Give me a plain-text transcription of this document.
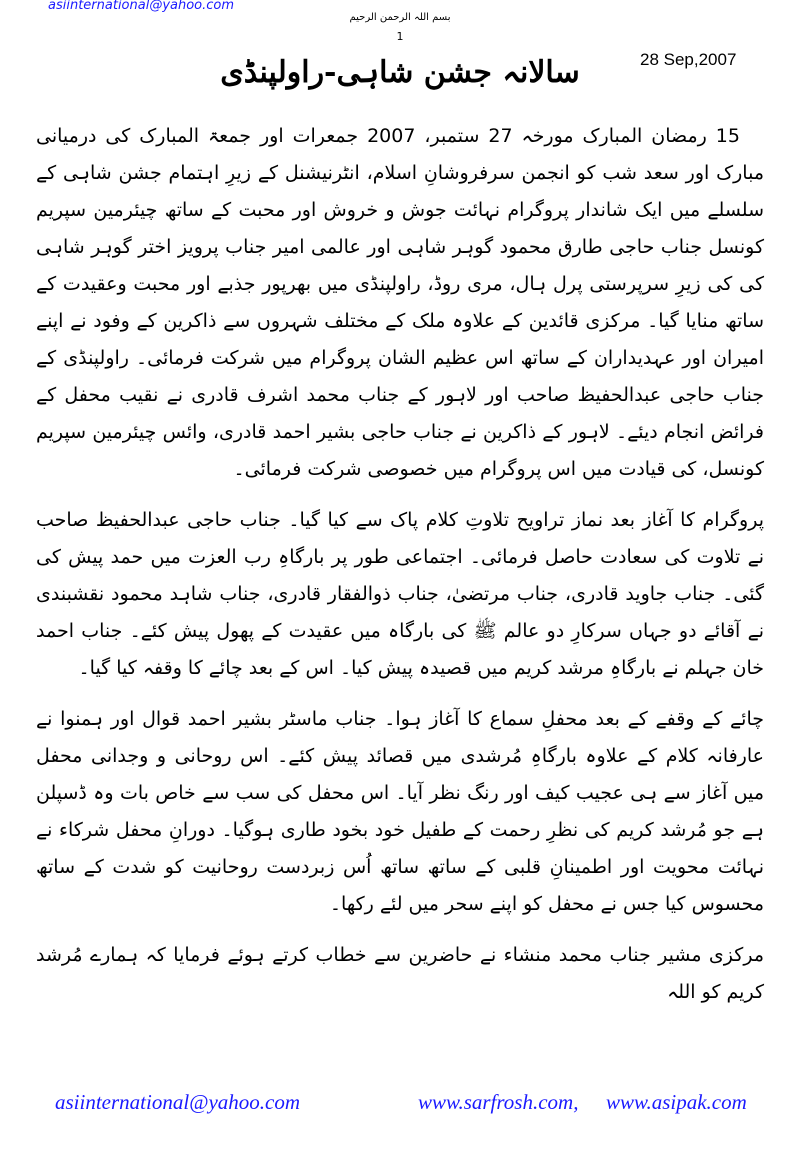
asiinternational@yahoo.com
بسم اللہ الرحمن الرحیم
1
28 Sep,2007
سالانہ جشن شاہی-راولپنڈی

15 رمضان المبارک مورخہ 27 ستمبر، 2007 جمعرات اور جمعۃ المبارک کی درمیانی مبارک اور سعد شب کو انجمن سرفروشانِ اسلام، انٹرنیشنل کے زیرِ اہتمام جشن شاہی کے سلسلے میں ایک شاندار پروگرام نہائت جوش و خروش اور محبت کے ساتھ چیئرمین سپریم کونسل جناب حاجی طارق محمود گوہر شاہی اور عالمی امیر جناب پرویز اختر گوہر شاہی کی کی زیرِ سرپرستی پرل ہال، مری روڈ، راولپنڈی میں بھرپور جذبے اور محبت وعقیدت کے ساتھ منایا گیا۔ مرکزی قائدین کے علاوہ ملک کے مختلف شہروں سے ذاکرین کے وفود نے اپنے امیران اور عہدیداران کے ساتھ اس عظیم الشان پروگرام میں شرکت فرمائی۔ راولپنڈی کے جناب حاجی عبدالحفیظ صاحب اور لاہور کے جناب محمد اشرف قادری نے نقیب محفل کے فرائض انجام دیئے۔ لاہور کے ذاکرین نے جناب حاجی بشیر احمد قادری، وائس چیئرمین سپریم کونسل، کی قیادت میں اس پروگرام میں خصوصی شرکت فرمائی۔

پروگرام کا آغاز بعد نماز تراویح تلاوتِ کلام پاک سے کیا گیا۔ جناب حاجی عبدالحفیظ صاحب نے تلاوت کی سعادت حاصل فرمائی۔ اجتماعی طور پر بارگاہِ رب العزت میں حمد پیش کی گئی۔ جناب جاوید قادری، جناب مرتضیٰ، جناب ذوالفقار قادری، جناب شاہد محمود نقشبندی نے آقائے دو جہاں سرکارِ دو عالم ﷺ کی بارگاہ میں عقیدت کے پھول پیش کئے۔ جناب احمد خان جہلم نے بارگاہِ مرشد کریم میں قصیدہ پیش کیا۔ اس کے بعد چائے کا وقفہ کیا گیا۔

چائے کے وقفے کے بعد محفلِ سماع کا آغاز ہوا۔ جناب ماسٹر بشیر احمد قوال اور ہمنوا نے عارفانہ کلام کے علاوہ بارگاہِ مُرشدی میں قصائد پیش کئے۔ اس روحانی و وجدانی محفل میں آغاز سے ہی عجیب کیف اور رنگ نظر آیا۔ اس محفل کی سب سے خاص بات وہ ڈسپلن ہے جو مُرشد کریم کی نظرِ رحمت کے طفیل خود بخود طاری ہوگیا۔ دورانِ محفل شرکاء نے نہائت محویت اور اطمینانِ قلبی کے ساتھ ساتھ اُس زبردست روحانیت کو شدت کے ساتھ محسوس کیا جس نے محفل کو اپنے سحر میں لئے رکھا۔

مرکزی مشیر جناب محمد منشاء نے حاضرین سے خطاب کرتے ہوئے فرمایا کہ ہمارے مُرشد کریم کو اللہ

asiinternational@yahoo.com	www.sarfrosh.com, www.asipak.com
